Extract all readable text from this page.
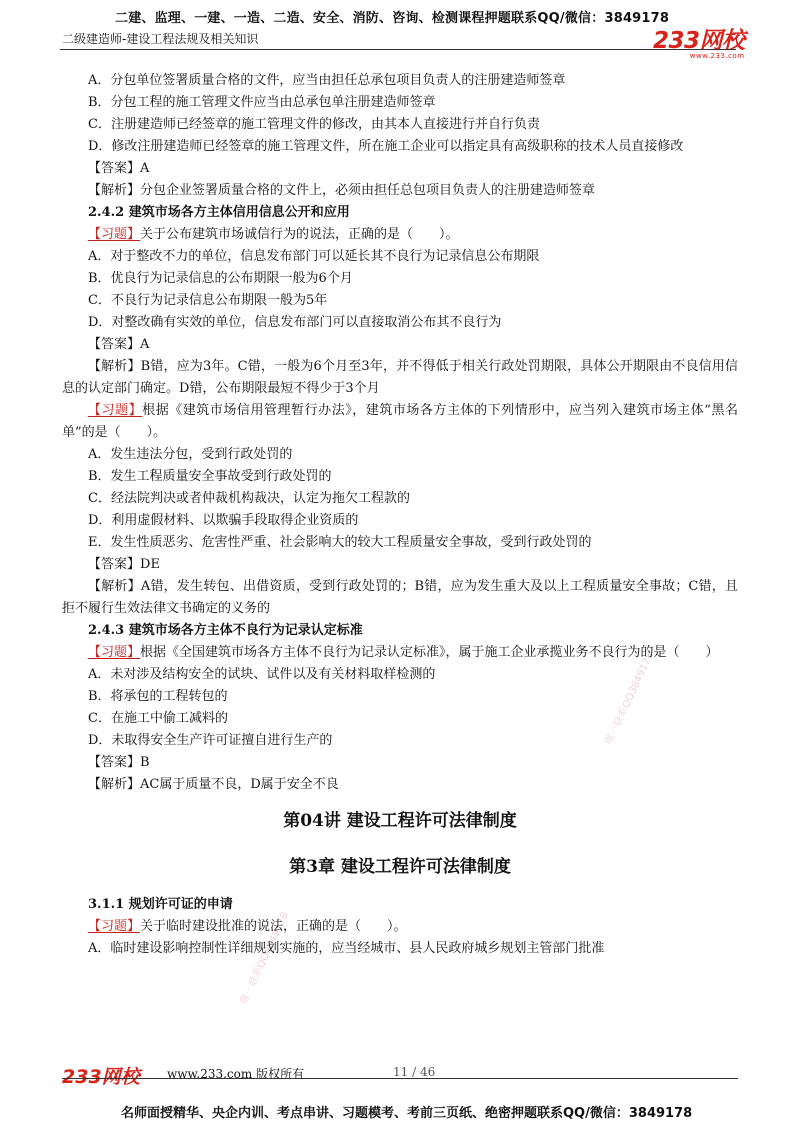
二建、监理、一建、一造、二造、安全、消防、咨询、检测课程押题联系QQ/微信：3849178
二级建造师-建设工程法规及相关知识	233网校
www.233.com
唯一联系QQ3849178
唯一联系QQ3849178

A．分包单位签署质量合格的文件，应当由担任总承包项目负责人的注册建造师签章

B．分包工程的施工管理文件应当由总承包单注册建造师签章

C．注册建造师已经签章的施工管理文件的修改，由其本人直接进行并自行负责

D．修改注册建造师已经签章的施工管理文件，所在施工企业可以指定具有高级职称的技术人员直接修改

【答案】A

【解析】分包企业签署质量合格的文件上，必须由担任总包项目负责人的注册建造师签章

2.4.2 建筑市场各方主体信用信息公开和应用

【习题】关于公布建筑市场诚信行为的说法，正确的是（　　）。

A．对于整改不力的单位，信息发布部门可以延长其不良行为记录信息公布期限

B．优良行为记录信息的公布期限一般为6个月

C．不良行为记录信息公布期限一般为5年

D．对整改确有实效的单位，信息发布部门可以直接取消公布其不良行为

【答案】A

【解析】B错，应为3年。C错，一般为6个月至3年，并不得低于相关行政处罚期限，具体公开期限由不良信用信息的认定部门确定。D错，公布期限最短不得少于3个月

【习题】根据《建筑市场信用管理暂行办法》，建筑市场各方主体的下列情形中，应当列入建筑市场主体“黑名单”的是（　　）。

A．发生违法分包，受到行政处罚的

B．发生工程质量安全事故受到行政处罚的

C．经法院判决或者仲裁机构裁决，认定为拖欠工程款的

D．利用虚假材料、以欺骗手段取得企业资质的

E．发生性质恶劣、危害性严重、社会影响大的较大工程质量安全事故，受到行政处罚的

【答案】DE

【解析】A错，发生转包、出借资质，受到行政处罚的；B错，应为发生重大及以上工程质量安全事故；C错，且拒不履行生效法律文书确定的义务的

2.4.3 建筑市场各方主体不良行为记录认定标准

【习题】根据《全国建筑市场各方主体不良行为记录认定标准》，属于施工企业承揽业务不良行为的是（　　）

A．未对涉及结构安全的试块、试件以及有关材料取样检测的

B．将承包的工程转包的

C．在施工中偷工减料的

D．未取得安全生产许可证擅自进行生产的

【答案】B

【解析】AC属于质量不良，D属于安全不良

第04讲 建设工程许可法律制度

第3章 建设工程许可法律制度

3.1.1 规划许可证的申请

【习题】关于临时建设批准的说法，正确的是（　　）。

A．临时建设影响控制性详细规划实施的，应当经城市、县人民政府城乡规划主管部门批准

233网校 www.233.com 版权所有	11 / 46
名师面授精华、央企内训、考点串讲、习题模考、考前三页纸、绝密押题联系QQ/微信：3849178
